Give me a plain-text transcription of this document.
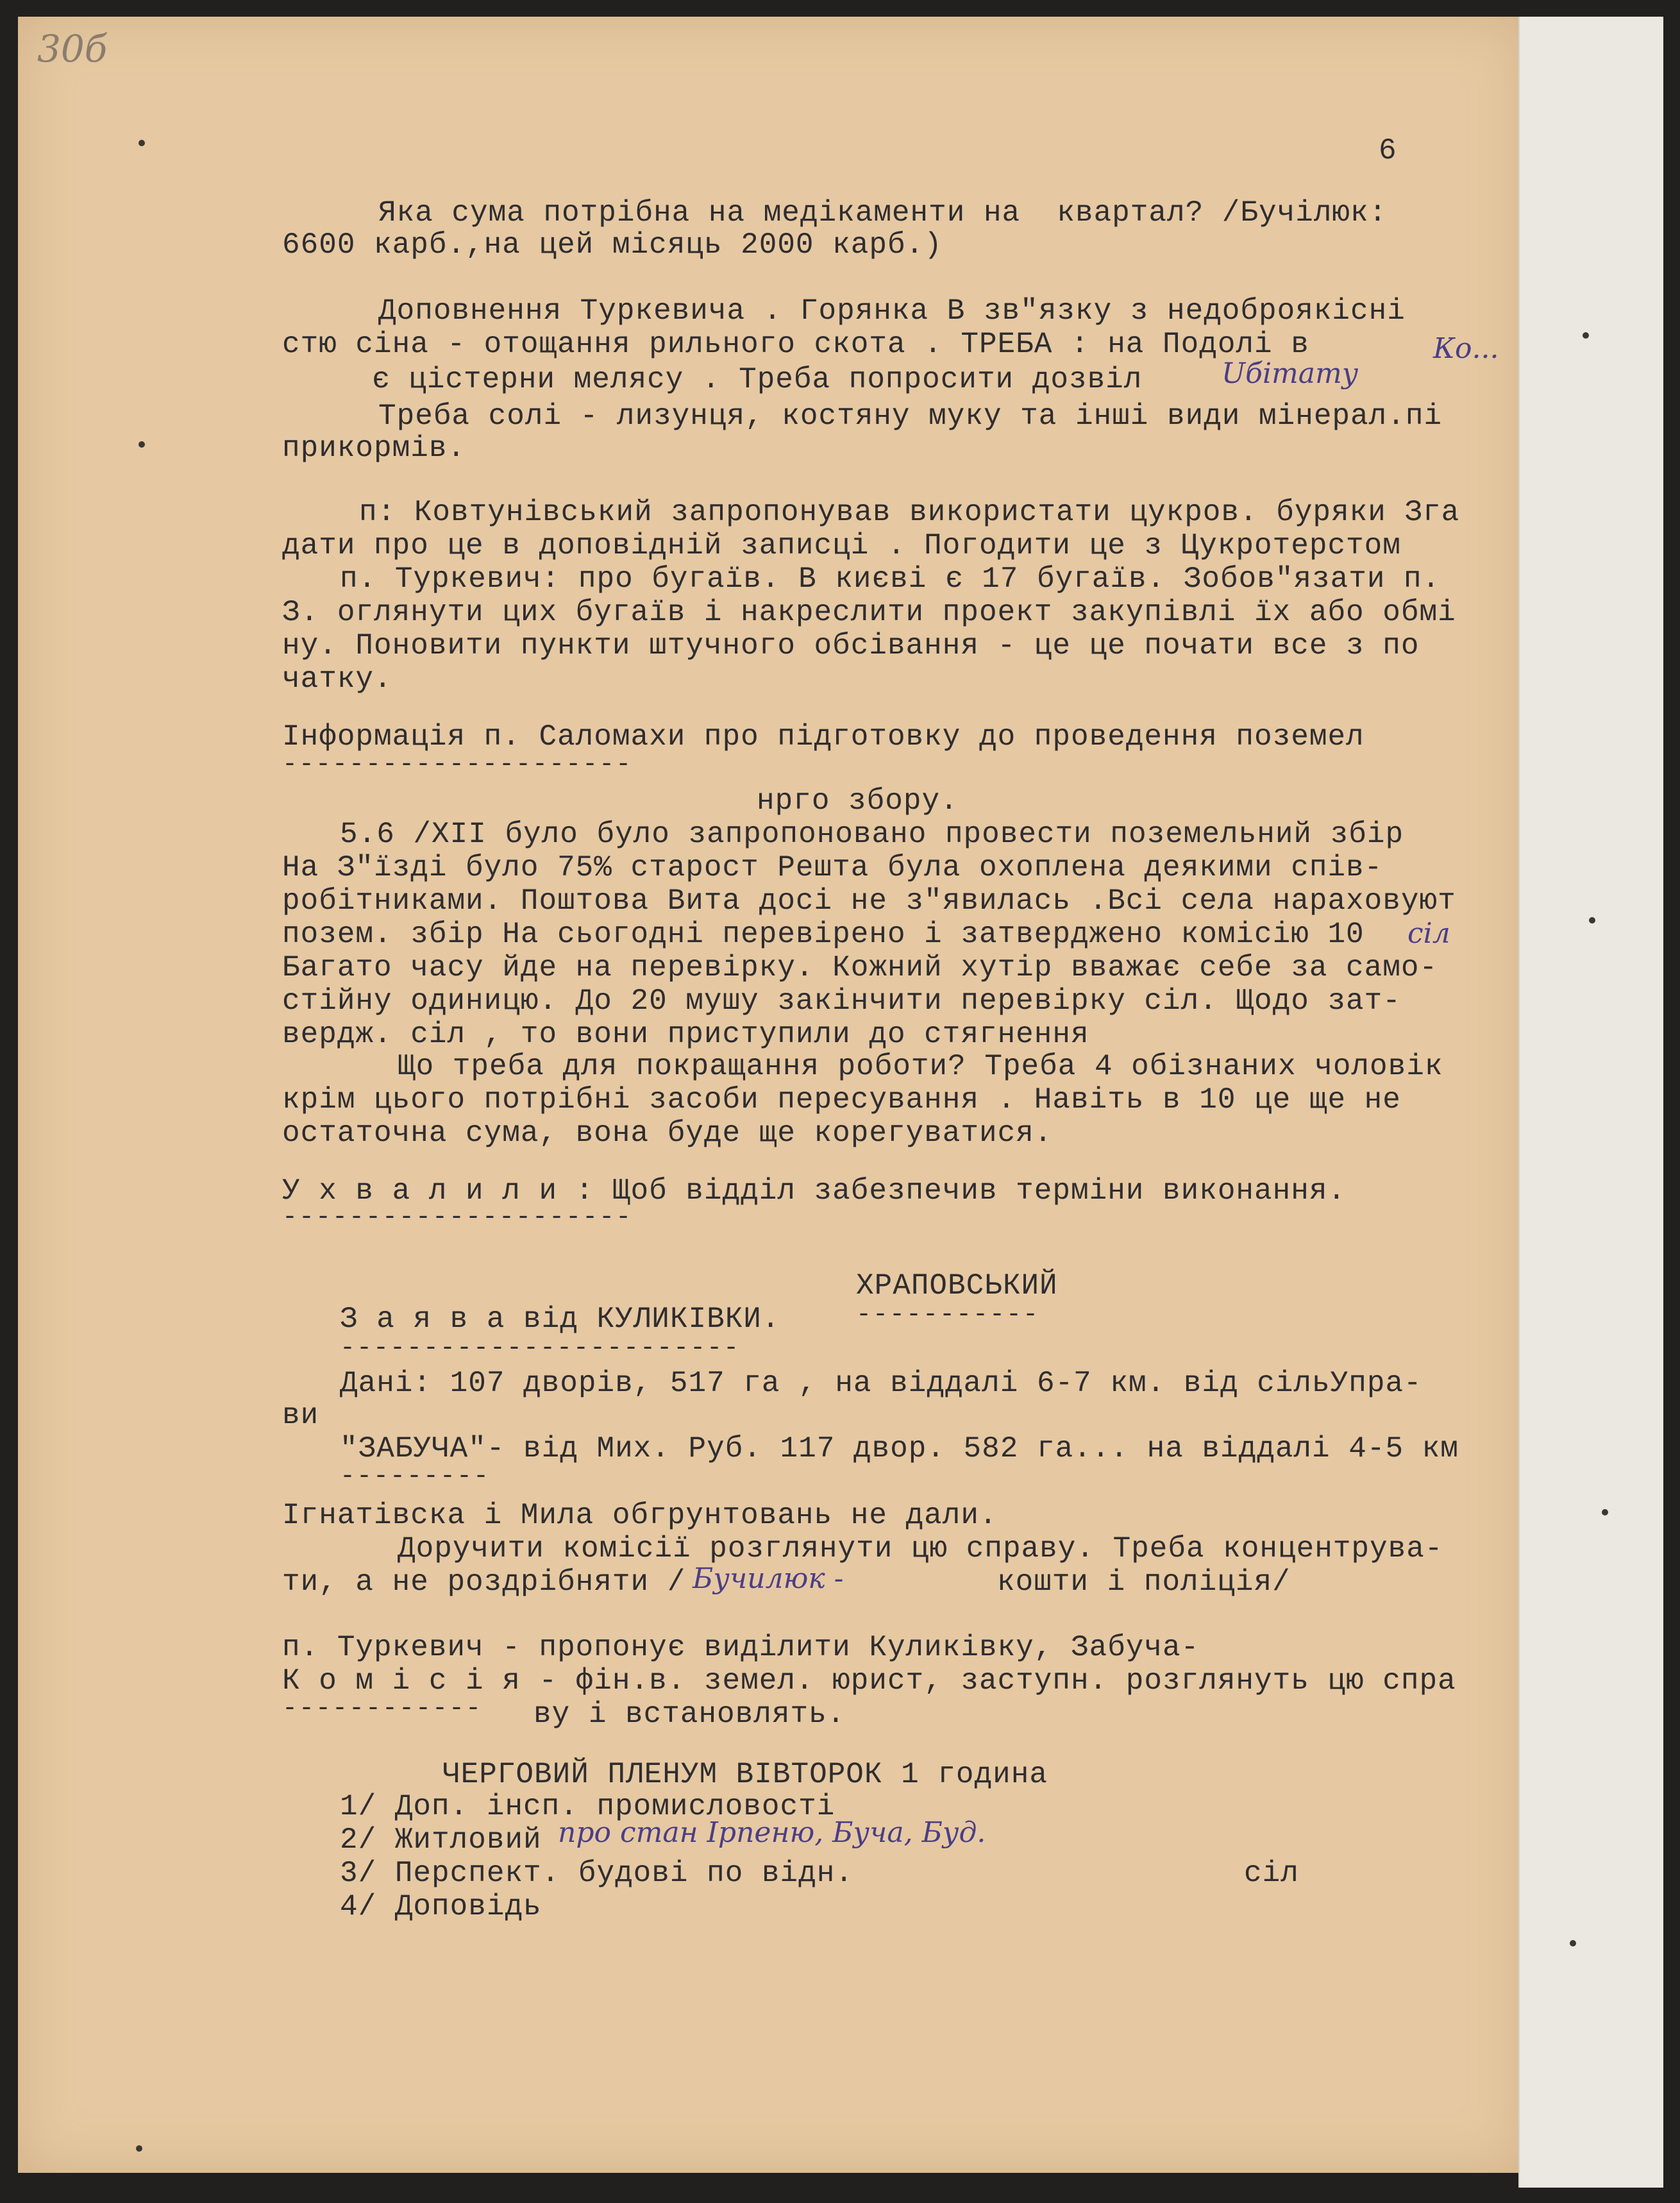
30б
6
Яка сума потрібна на медікаменти на  квартал? /Бучілюк:
6600 карб.,на цей місяць 2000 карб.)
Доповнення Туркевича . Горянка В зв"язку з недоброякісні
стю сіна - отощання рильного скота . ТРЕБА : на Подолі в	Ко...
є цістерни мелясу . Треба попросити дозвіл	Uбітату
Треба солі - лизунця, костяну муку та інші види мінерал.пі
прикормів.
п: Ковтунівський запропонував використати цукров. буряки Зга
дати про це в доповідній записці . Погодити це з Цукротерстом
п. Туркевич: про бугаїв. В києві є 17 бугаїв. Зобов"язати п.
З. оглянути цих бугаїв і накреслити проект закупівлі їх або обмі
ну. Поновити пункти штучного обсівання - це це почати все з по
чатку.
Інформація п. Саломахи про підготовку до проведення поземел
---------------------
нрго збору.
5.6 /XII було було запропоновано провести поземельний збір
На З"їзді було 75% старост Решта була охоплена деякими спів-
робітниками. Поштова Вита досі не з"явилась .Всі села нараховуют
позем. збір На сьогодні перевірено і затверджено комісію 10 сіл
Багато часу йде на перевірку. Кожний хутір вважає себе за само-
стійну одиницю. До 20 мушу закінчити перевірку сіл. Щодо зат-
вердж. сіл , то вони приступили до стягнення
Що треба для покращання роботи? Треба 4 обізнаних чоловік
крім цього потрібні засоби пересування . Навіть в 10 це ще не
остаточна сума, вона буде ще корегуватися.
У х в а л и л и : Щоб відділ забезпечив терміни виконання.
---------------------
ХРАПОВСЬКИЙ
З а я в а від КУЛИКІВКИ.	-----------
------------------------
Дані: 107 дворів, 517 га , на віддалі 6-7 км. від сільУпра-
ви
"ЗАБУЧА"- від Мих. Руб. 117 двор. 582 га... на віддалі 4-5 км
---------
Ігнатівска і Мила обгрунтовань не дали.
Доручити комісії розглянути цю справу. Треба концентрува-
ти, а не роздрібняти / Бучилюк -	кошти і поліція/
п. Туркевич - пропонує виділити Куликівку, Забуча-
К о м і с і я - фін.в. земел. юрист, заступн. розглянуть цю спра
------------ ву і встановлять.
ЧЕРГОВИЙ ПЛЕНУМ ВІВТОРОК 1 година
1/ Доп. інсп. промисловості
2/ Житловий про стан Ірпеню, Буча, Буд.
3/ Перспект. будові по відн.	сіл
4/ Доповідь
